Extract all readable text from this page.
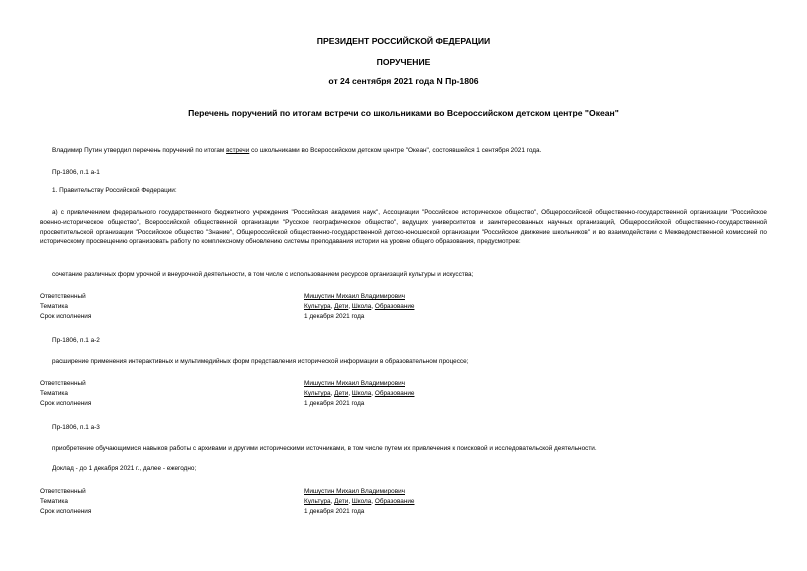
ПРЕЗИДЕНТ РОССИЙСКОЙ ФЕДЕРАЦИИ
ПОРУЧЕНИЕ
от 24 сентября 2021 года N Пр-1806
Перечень поручений по итогам встречи со школьниками во Всероссийском детском центре "Океан"
Владимир Путин утвердил перечень поручений по итогам встречи со школьниками во Всероссийском детском центре "Океан", состоявшейся 1 сентября 2021 года.
Пр-1806, п.1 а-1
1. Правительству Российской Федерации:
а) с привлечением федерального государственного бюджетного учреждения "Российская академия наук", Ассоциации "Российское историческое общество", Общероссийской общественно-государственной организации "Российское военно-историческое общество", Всероссийской общественной организации "Русское географическое общество", ведущих университетов и заинтересованных научных организаций, Общероссийской общественно-государственной просветительской организации "Российское общество "Знание", Общероссийской общественно-государственной детско-юношеской организации "Российское движение школьников" и во взаимодействии с Межведомственной комиссией по историческому просвещению организовать работу по комплексному обновлению системы преподавания истории на уровне общего образования, предусмотрев:
сочетание различных форм урочной и внеурочной деятельности, в том числе с использованием ресурсов организаций культуры и искусства;
Ответственный	Мишустин Михаил Владимирович
Тематика	Культура, Дети, Школа, Образование
Срок исполнения	1 декабря 2021 года
Пр-1806, п.1 а-2
расширение применения интерактивных и мультимедийных форм представления исторической информации в образовательном процессе;
Ответственный	Мишустин Михаил Владимирович
Тематика	Культура, Дети, Школа, Образование
Срок исполнения	1 декабря 2021 года
Пр-1806, п.1 а-3
приобретение обучающимися навыков работы с архивами и другими историческими источниками, в том числе путем их привлечения к поисковой и исследовательской деятельности.
Доклад - до 1 декабря 2021 г., далее - ежегодно;
Ответственный	Мишустин Михаил Владимирович
Тематика	Культура, Дети, Школа, Образование
Срок исполнения	1 декабря 2021 года
